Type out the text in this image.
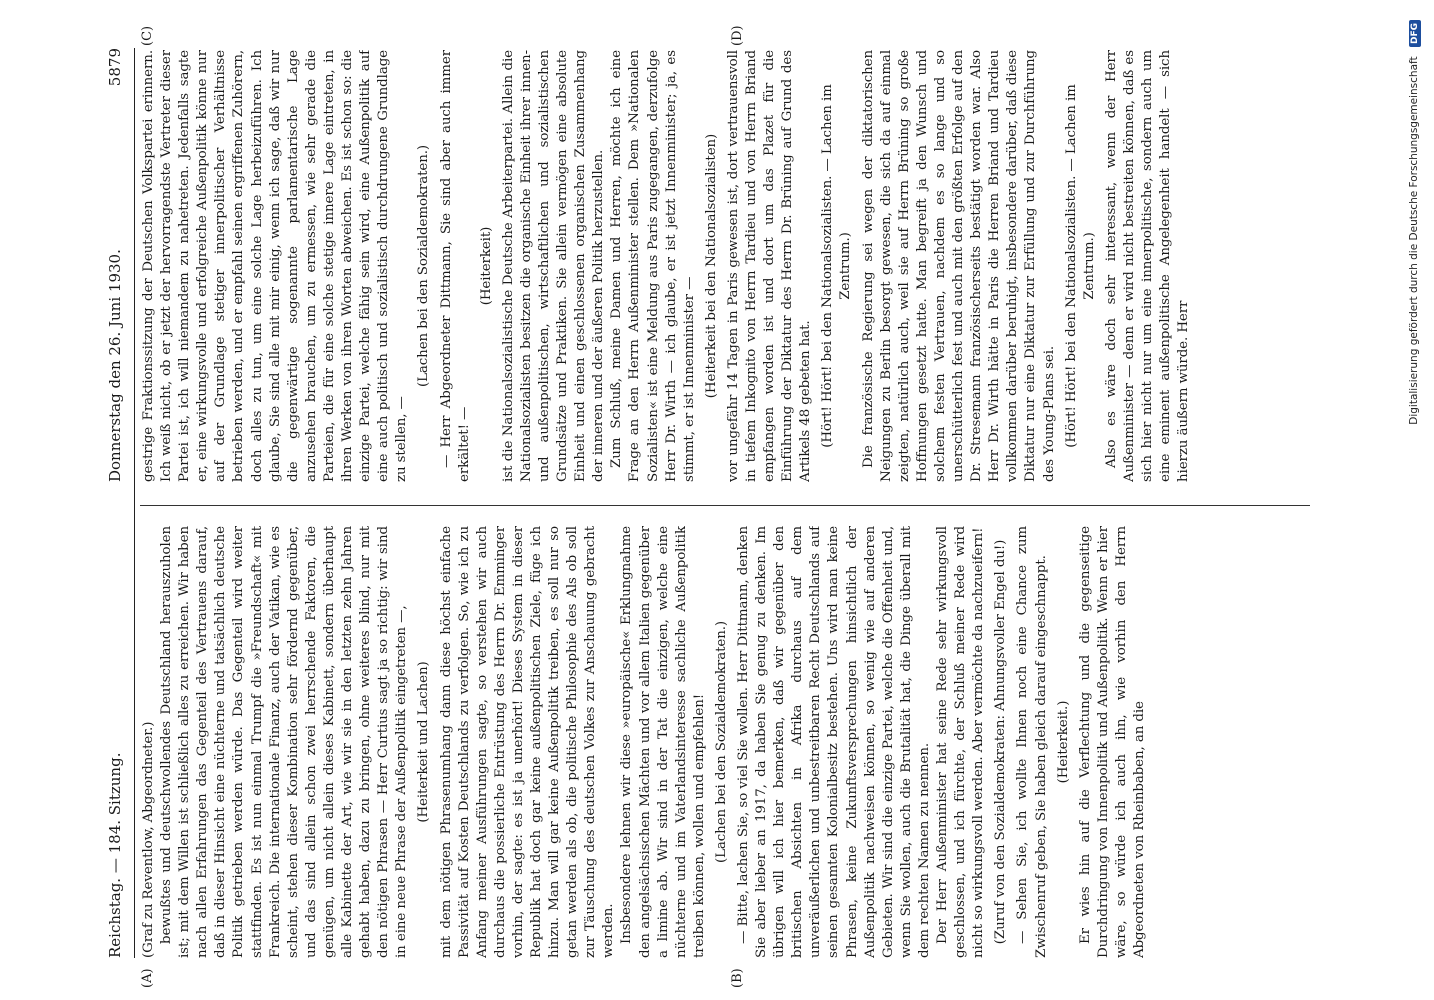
Reichstag. — 184. Sitzung.
Donnerstag den 26. Juni 1930.
5879

(Graf zu Reventlow, Abgeordneter.) bewußtes und deutschwollendes Deutschland herauszuholen ist; mit dem Willen ist schließlich alles zu erreichen. Wir haben nach allen Erfahrungen das Gegenteil des Vertrauens darauf, daß in dieser Hinsicht eine nüchterne und tatsächlich deutsche Politik getrieben werden würde. Das Gegenteil wird weiter stattfinden. Es ist nun einmal Trumpf die »Freundschaft« mit Frankreich. Die internationale Finanz, auch der Vatikan, wie es scheint, stehen dieser Kombination sehr fördernd gegenüber, und das sind allein schon zwei herrschende Faktoren, die genügen, um nicht allein dieses Kabinett, sondern überhaupt alle Kabinette der Art, wie wir sie in den letzten zehn Jahren gehabt haben, dazu zu bringen, ohne weiteres blind, nur mit den nötigen Phrasen — Herr Curtius sagt ja so richtig: wir sind in eine neue Phrase der Außenpolitik eingetreten —, (Heiterkeit und Lachen) mit dem nötigen Phrasenumhang dann diese höchst einfache Passivität auf Kosten Deutschlands zu verfolgen. So, wie ich zu Anfang meiner Ausführungen sagte, so verstehen wir auch durchaus die possierliche Entrüstung des Herrn Dr. Emminger vorhin, der sagte: es ist ja unerhört! Dieses System in dieser Republik hat doch gar keine außenpolitischen Ziele, füge ich hinzu. Man will gar keine Außenpolitik treiben, es soll nur so getan werden als ob, die politische Philosophie des Als ob soll zur Täuschung des deutschen Volkes zur Anschauung gebracht werden. Insbesondere lehnen wir diese »europäische« Erklungnahme den angelsächsischen Mächten und vor allem Italien gegenüber a limine ab. Wir sind in der Tat die einzigen, welche eine nüchterne und im Vaterlandsinteresse sachliche Außenpolitik treiben können, wollen und empfehlen! (Lachen bei den Sozialdemokraten.) — Bitte, lachen Sie, so viel Sie wollen. Herr Dittmann, denken Sie aber lieber an 1917, da haben Sie genug zu denken. Im übrigen will ich hier bemerken, daß wir gegenüber den britischen Absichten in Afrika durchaus auf dem unveräußerlichen und unbestreitbaren Recht Deutschlands auf seinen gesamten Kolonialbesitz bestehen. Uns wird man keine Phrasen, keine Zukunftsversprechungen hinsichtlich der Außenpolitik nachweisen können, so wenig wie auf anderen Gebieten. Wir sind die einzige Partei, welche die Offenheit und, wenn Sie wollen, auch die Brutalität hat, die Dinge überall mit dem rechten Namen zu nennen. Der Herr Außenminister hat seine Rede sehr wirkungsvoll geschlossen, und ich fürchte, der Schluß meiner Rede wird nicht so wirkungsvoll werden. Aber vermöchte da nachzueifern! (Zuruf von den Sozialdemokraten: Ahnungsvoller Engel du!) — Sehen Sie, ich wollte Ihnen noch eine Chance zum Zwischenruf geben, Sie haben gleich darauf eingeschnappt. (Heiterkeit.) Er wies hin auf die Verflechtung und die gegenseitige Durchdringung von Innenpolitik und Außenpolitik. Wenn er hier wäre, so würde ich auch ihn, wie vorhin den Herrn Abgeordneten von Rheinbaben, an die

gestrige Fraktionssitzung der Deutschen Volkspartei erinnern. Ich weiß nicht, ob er jetzt der hervorragendste Vertreter dieser Partei ist, ich will niemandem zu nahetreten. Jedenfalls sagte er, eine wirkungsvolle und erfolgreiche Außenpolitik könne nur auf der Grundlage stetiger innerpolitischer Verhältnisse betrieben werden, und er empfahl seinen ergriffenen Zuhörern, doch alles zu tun, um eine solche Lage herbeizuführen. Ich glaube, Sie sind alle mit mir einig, wenn ich sage, daß wir nur die gegenwärtige sogenannte parlamentarische Lage anzusehen brauchen, um zu ermessen, wie sehr gerade die Parteien, die für eine solche stetige innere Lage eintreten, in ihren Werken von ihren Worten abweichen. Es ist schon so: die einzige Partei, welche fähig sein wird, eine Außenpolitik auf eine auch politisch und sozialistisch durchdrungene Grundlage zu stellen, —

(Lachen bei den Sozialdemokraten.) — Herr Abgeordneter Dittmann, Sie sind aber auch immer erkältet! —

(Heiterkeit) ist die Nationalsozialistische Deutsche Arbeiterpartei. Allein die Nationalsozialisten besitzen die organische Einheit ihrer innen- und außenpolitischen, wirtschaftlichen und sozialistischen Grundsätze und Praktiken. Sie allein vermögen eine absolute Einheit und einen geschlossenen organischen Zusammenhang der inneren und der äußeren Politik herzustellen. Zum Schluß, meine Damen und Herren, möchte ich eine Frage an den Herrn Außenminister stellen. Dem »Nationalen Sozialisten« ist eine Meldung aus Paris zugegangen, derzufolge Herr Dr. Wirth — ich glaube, er ist jetzt Innenminister; ja, es stimmt, er ist Innenminister — (Heiterkeit bei den Nationalsozialisten) vor ungefähr 14 Tagen in Paris gewesen ist, dort vertrauensvoll in tiefem Inkognito von Herrn Tardieu und von Herrn Briand empfangen worden ist und dort um das Plazet für die Einführung der Diktatur des Herrn Dr. Brüning auf Grund des Artikels 48 gebeten hat. (Hört! Hört! bei den Nationalsozialisten. — Lachen im Zentrum.) Die französische Regierung sei wegen der diktatorischen Neigungen zu Berlin besorgt gewesen, die sich da auf einmal zeigten, natürlich auch, weil sie auf Herrn Brüning so große Hoffnungen gesetzt hatte. Man begreift ja den Wunsch und solchem festen Vertrauen, nachdem es so lange und so unerschütterlich fest und auch mit den größten Erfolge auf den Dr. Stresemann französischerseits bestätigt worden war. Also Herr Dr. Wirth hätte in Paris die Herren Briand und Tardieu vollkommen darüber beruhigt, insbesondere darüber, daß diese Diktatur nur eine Diktatur zur Erfüllung und zur Durchführung des Young-Plans sei. (Hört! Hört! bei den Nationalsozialisten. — Lachen im Zentrum.) Also es wäre doch sehr interessant, wenn der Herr Außenminister — denn er wird nicht bestreiten können, daß es sich hier nicht nur um eine innerpolitische, sondern auch um eine eminent außenpolitische Angelegenheit handelt — sich hierzu äußern würde. Herr

(A)	(B)
(C)	(D)
Digitalisierung gefördert durch die Deutsche Forschungsgemeinschaft DFG
